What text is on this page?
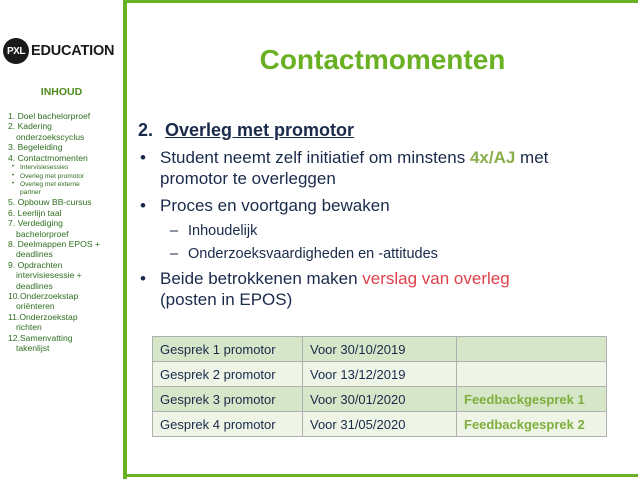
PXL EDUCATION
INHOUD
1. Doel bachelorproef
2. Kadering
onderzoekscyclus
3. Begeleiding
4. Contactmomenten
• Intervisiesessies
• Overleg met promotor
• Overleg met externe
partner
5. Opbouw BB-cursus
6. Leerlijn taal
7. Verdediging
bachelorproef
8. Deelmappen EPOS +
deadlines
9. Opdrachten
intervisiesessie +
deadlines
10.Onderzoekstap
oriënteren
11.Onderzoekstap
richten
12.Samenvatting
takenlijst
Contactmomenten
2. Overleg met promotor
• Student neemt zelf initiatief om minstens 4x/AJ met promotor te overleggen
• Proces en voortgang bewaken
– Inhoudelijk
– Onderzoeksvaardigheden en -attitudes
• Beide betrokkenen maken verslag van overleg
(posten in EPOS)
Gesprek 1 promotor	Voor 30/10/2019	
Gesprek 2 promotor	Voor 13/12/2019	
Gesprek 3 promotor	Voor 30/01/2020	Feedbackgesprek 1
Gesprek 4 promotor	Voor 31/05/2020	Feedbackgesprek 2
